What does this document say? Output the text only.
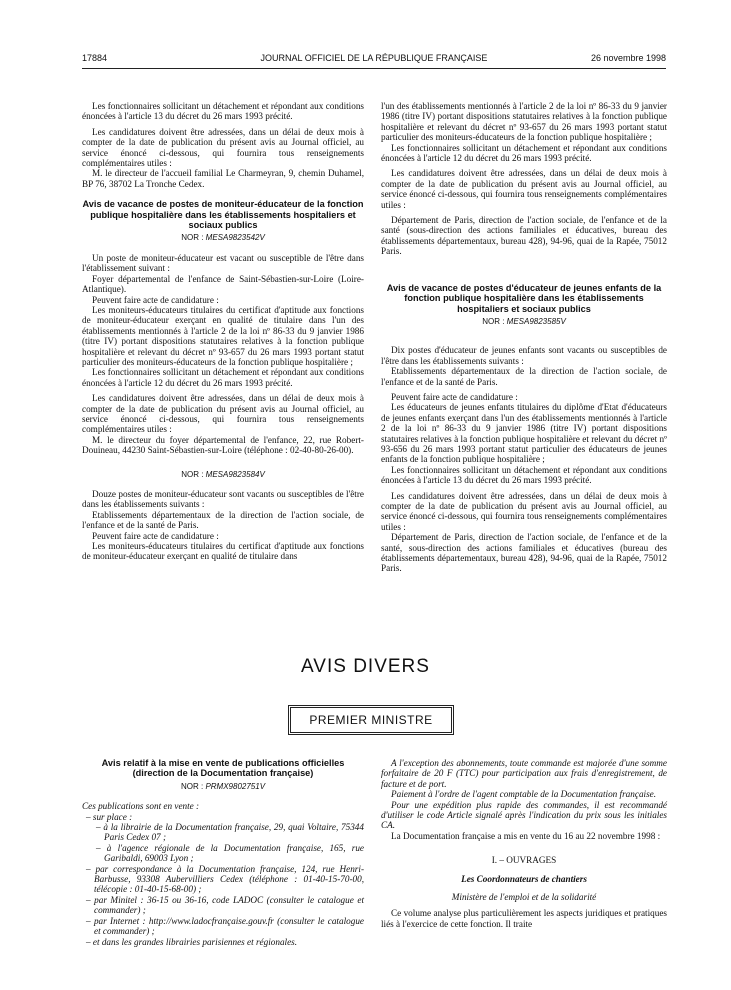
17884	JOURNAL OFFICIEL DE LA RÉPUBLIQUE FRANÇAISE	26 novembre 1998

Les fonctionnaires sollicitant un détachement et répondant aux conditions énoncées à l'article 13 du décret du 26 mars 1993 précité.

Les candidatures doivent être adressées, dans un délai de deux mois à compter de la date de publication du présent avis au Journal officiel, au service énoncé ci-dessous, qui fournira tous renseignements complémentaires utiles :

M. le directeur de l'accueil familial Le Charmeyran, 9, chemin Duhamel, BP 76, 38702 La Tronche Cedex.

Avis de vacance de postes de moniteur-éducateur de la fonction publique hospitalière dans les établissements hospitaliers et sociaux publics
NOR : MESA9823542V

Un poste de moniteur-éducateur est vacant ou susceptible de l'être dans l'établissement suivant :

Foyer départemental de l'enfance de Saint-Sébastien-sur-Loire (Loire-Atlantique).

Peuvent faire acte de candidature :

Les moniteurs-éducateurs titulaires du certificat d'aptitude aux fonctions de moniteur-éducateur exerçant en qualité de titulaire dans l'un des établissements mentionnés à l'article 2 de la loi nº 86-33 du 9 janvier 1986 (titre IV) portant dispositions statutaires relatives à la fonction publique hospitalière et relevant du décret nº 93-657 du 26 mars 1993 portant statut particulier des moniteurs-éducateurs de la fonction publique hospitalière ;

Les fonctionnaires sollicitant un détachement et répondant aux conditions énoncées à l'article 12 du décret du 26 mars 1993 précité.

Les candidatures doivent être adressées, dans un délai de deux mois à compter de la date de publication du présent avis au Journal officiel, au service énoncé ci-dessous, qui fournira tous renseignements complémentaires utiles :

M. le directeur du foyer départemental de l'enfance, 22, rue Robert-Douineau, 44230 Saint-Sébastien-sur-Loire (téléphone : 02-40-80-26-00).

NOR : MESA9823584V

Douze postes de moniteur-éducateur sont vacants ou susceptibles de l'être dans les établissements suivants :

Etablissements départementaux de la direction de l'action sociale, de l'enfance et de la santé de Paris.

Peuvent faire acte de candidature :

Les moniteurs-éducateurs titulaires du certificat d'aptitude aux fonctions de moniteur-éducateur exerçant en qualité de titulaire dans

l'un des établissements mentionnés à l'article 2 de la loi nº 86-33 du 9 janvier 1986 (titre IV) portant dispositions statutaires relatives à la fonction publique hospitalière et relevant du décret nº 93-657 du 26 mars 1993 portant statut particulier des moniteurs-éducateurs de la fonction publique hospitalière ;

Les fonctionnaires sollicitant un détachement et répondant aux conditions énoncées à l'article 12 du décret du 26 mars 1993 précité.

Les candidatures doivent être adressées, dans un délai de deux mois à compter de la date de publication du présent avis au Journal officiel, au service énoncé ci-dessous, qui fournira tous renseignements complémentaires utiles :

Département de Paris, direction de l'action sociale, de l'enfance et de la santé (sous-direction des actions familiales et éducatives, bureau des établissements départementaux, bureau 428), 94-96, quai de la Rapée, 75012 Paris.

Avis de vacance de postes d'éducateur de jeunes enfants de la fonction publique hospitalière dans les établissements hospitaliers et sociaux publics
NOR : MESA9823585V

Dix postes d'éducateur de jeunes enfants sont vacants ou susceptibles de l'être dans les établissements suivants :

Etablissements départementaux de la direction de l'action sociale, de l'enfance et de la santé de Paris.

Peuvent faire acte de candidature :

Les éducateurs de jeunes enfants titulaires du diplôme d'Etat d'éducateurs de jeunes enfants exerçant dans l'un des établissements mentionnés à l'article 2 de la loi nº 86-33 du 9 janvier 1986 (titre IV) portant dispositions statutaires relatives à la fonction publique hospitalière et relevant du décret nº 93-656 du 26 mars 1993 portant statut particulier des éducateurs de jeunes enfants de la fonction publique hospitalière ;

Les fonctionnaires sollicitant un détachement et répondant aux conditions énoncées à l'article 13 du décret du 26 mars 1993 précité.

Les candidatures doivent être adressées, dans un délai de deux mois à compter de la date de publication du présent avis au Journal officiel, au service énoncé ci-dessous, qui fournira tous renseignements complémentaires utiles :

Département de Paris, direction de l'action sociale, de l'enfance et de la santé, sous-direction des actions familiales et éducatives (bureau des établissements départementaux, bureau 428), 94-96, quai de la Rapée, 75012 Paris.

AVIS DIVERS
PREMIER MINISTRE
Avis relatif à la mise en vente de publications officielles (direction de la Documentation française)
NOR : PRMX9802751V

Ces publications sont en vente :

– sur place :

– à la librairie de la Documentation française, 29, quai Voltaire, 75344 Paris Cedex 07 ;

– à l'agence régionale de la Documentation française, 165, rue Garibaldi, 69003 Lyon ;

– par correspondance à la Documentation française, 124, rue Henri-Barbusse, 93308 Aubervilliers Cedex (téléphone : 01-40-15-70-00, télécopie : 01-40-15-68-00) ;

– par Minitel : 36-15 ou 36-16, code LADOC (consulter le catalogue et commander) ;

– par Internet : http://www.ladocfrançaise.gouv.fr (consulter le catalogue et commander) ;

– et dans les grandes librairies parisiennes et régionales.

A l'exception des abonnements, toute commande est majorée d'une somme forfaitaire de 20 F (TTC) pour participation aux frais d'enregistrement, de facture et de port.

Paiement à l'ordre de l'agent comptable de la Documentation française.

Pour une expédition plus rapide des commandes, il est recommandé d'utiliser le code Article signalé après l'indication du prix sous les initiales CA.

La Documentation française a mis en vente du 16 au 22 novembre 1998 :

I. – OUVRAGES

Les Coordonnateurs de chantiers

Ministère de l'emploi et de la solidarité

Ce volume analyse plus particulièrement les aspects juridiques et pratiques liés à l'exercice de cette fonction. Il traite
